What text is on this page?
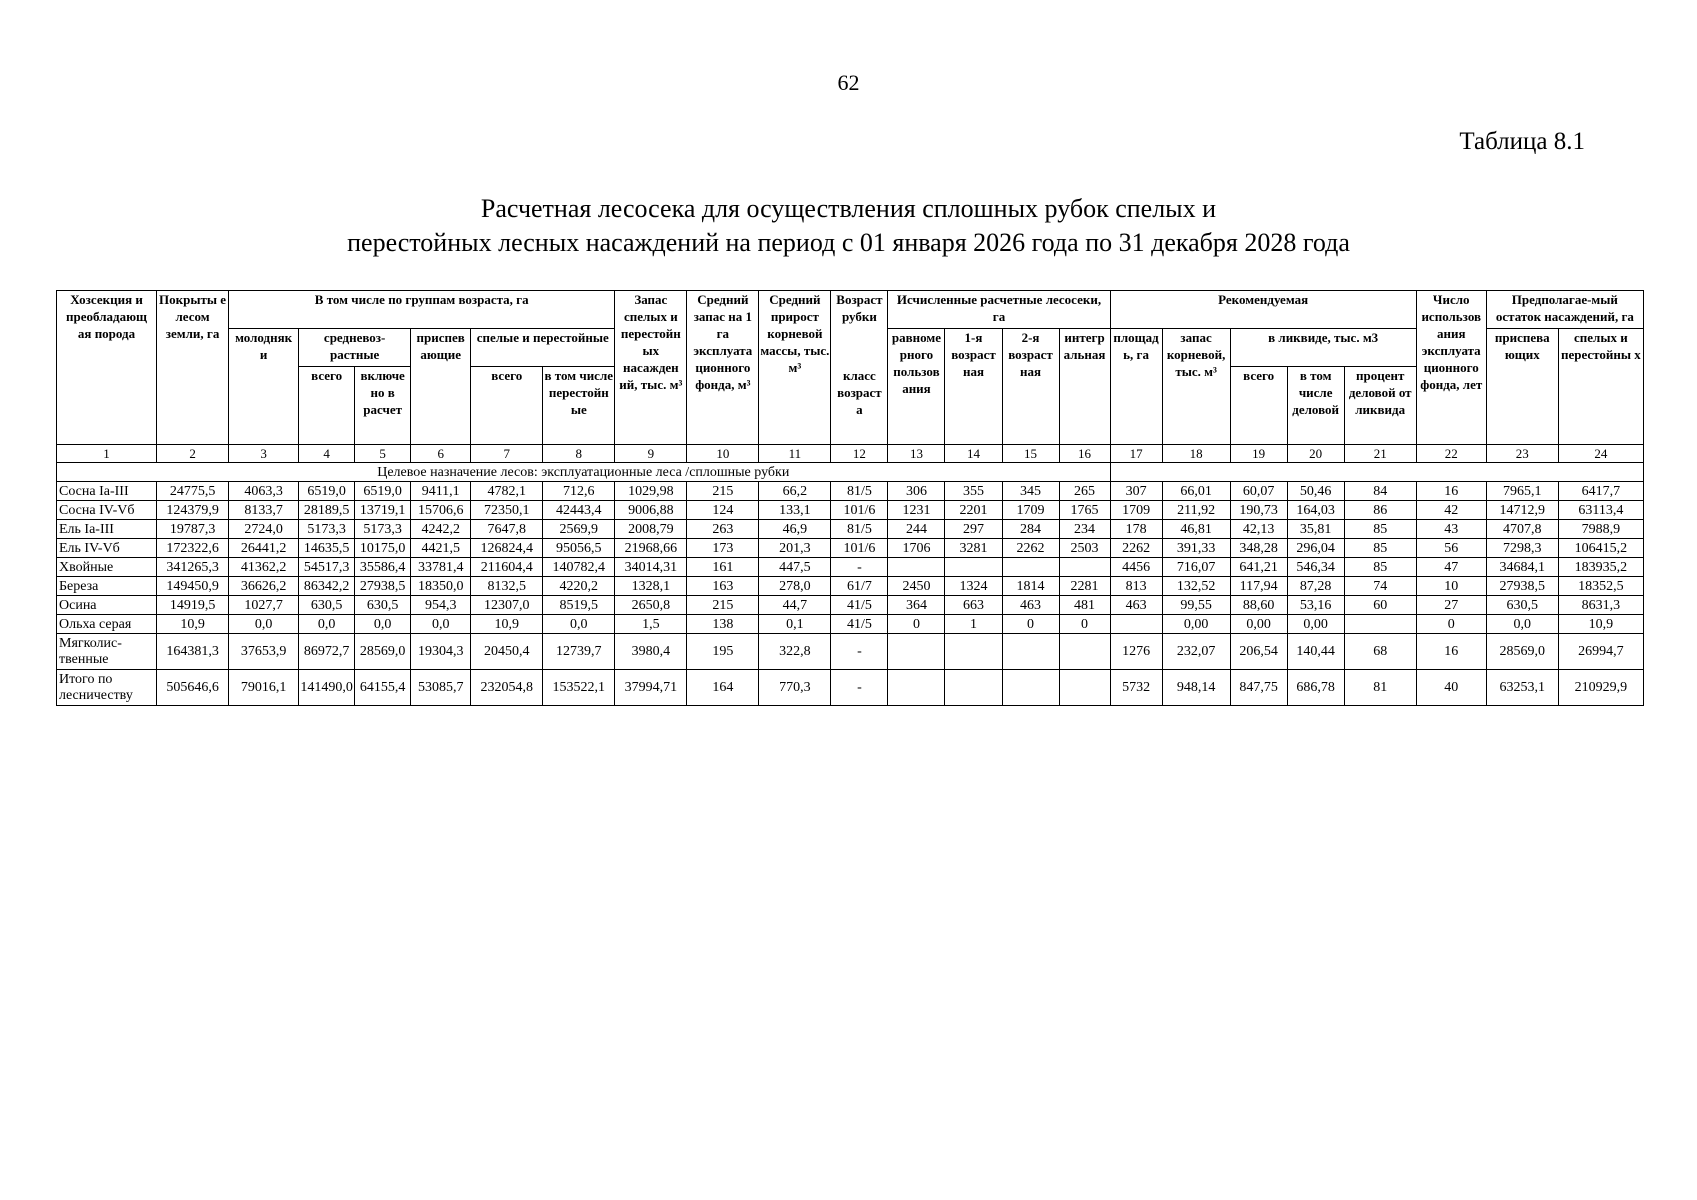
62
Таблица 8.1
Расчетная лесосека для осуществления сплошных рубок спелых и
перестойных лесных насаждений на период с 01 января 2026 года по 31 декабря 2028 года
Хозсекция и преобладающ ая порода	Покрыты е лесом земли, га	В том числе по группам возраста, га						Запас спелых и перестойн ых насажден ий, тыс. м³	Средний запас на 1 га эксплуата ционного фонда, м³	Средний прирост корневой массы, тыс. м³	Возраст рубки	Исчисленные расчетные лесосеки, га				Рекомендуемая					Число использов ания эксплуата ционного фонда, лет	Предполагае-мый остаток насаждений, га	
		молодняк и	средневоз-растные		приспев ающие	спелые и перестойные						равноме рного пользов ания	1-я возраст ная	2-я возраст ная	интегр альная	площад ь, га	запас корневой, тыс. м³	в ликвиде, тыс. м3				приспева ющих	спелых и перестойны х
			всего	включе но в расчет		всего	в том числе перестойн ые				класс возраст а							всего	в том числе деловой	процент деловой от ликвида			
1	2	3	4	5	6	7	8	9	10	11	12	13	14	15	16	17	18	19	20	21	22	23	24
Целевое назначение лесов: эксплуатационные леса /сплошные рубки																							
Сосна Ia-III	24775,5	4063,3	6519,0	6519,0	9411,1	4782,1	712,6	1029,98	215	66,2	81/5	306	355	345	265	307	66,01	60,07	50,46	84	16	7965,1	6417,7
Сосна IV-Vб	124379,9	8133,7	28189,5	13719,1	15706,6	72350,1	42443,4	9006,88	124	133,1	101/6	1231	2201	1709	1765	1709	211,92	190,73	164,03	86	42	14712,9	63113,4
Ель Ia-III	19787,3	2724,0	5173,3	5173,3	4242,2	7647,8	2569,9	2008,79	263	46,9	81/5	244	297	284	234	178	46,81	42,13	35,81	85	43	4707,8	7988,9
Ель IV-Vб	172322,6	26441,2	14635,5	10175,0	4421,5	126824,4	95056,5	21968,66	173	201,3	101/6	1706	3281	2262	2503	2262	391,33	348,28	296,04	85	56	7298,3	106415,2
Хвойные	341265,3	41362,2	54517,3	35586,4	33781,4	211604,4	140782,4	34014,31	161	447,5	-					4456	716,07	641,21	546,34	85	47	34684,1	183935,2
Береза	149450,9	36626,2	86342,2	27938,5	18350,0	8132,5	4220,2	1328,1	163	278,0	61/7	2450	1324	1814	2281	813	132,52	117,94	87,28	74	10	27938,5	18352,5
Осина	14919,5	1027,7	630,5	630,5	954,3	12307,0	8519,5	2650,8	215	44,7	41/5	364	663	463	481	463	99,55	88,60	53,16	60	27	630,5	8631,3
Ольха серая	10,9	0,0	0,0	0,0	0,0	10,9	0,0	1,5	138	0,1	41/5	0	1	0	0		0,00	0,00	0,00		0	0,0	10,9
Мягколис-твенные	164381,3	37653,9	86972,7	28569,0	19304,3	20450,4	12739,7	3980,4	195	322,8	-					1276	232,07	206,54	140,44	68	16	28569,0	26994,7
Итого по лесничеству	505646,6	79016,1	141490,0	64155,4	53085,7	232054,8	153522,1	37994,71	164	770,3	-					5732	948,14	847,75	686,78	81	40	63253,1	210929,9
